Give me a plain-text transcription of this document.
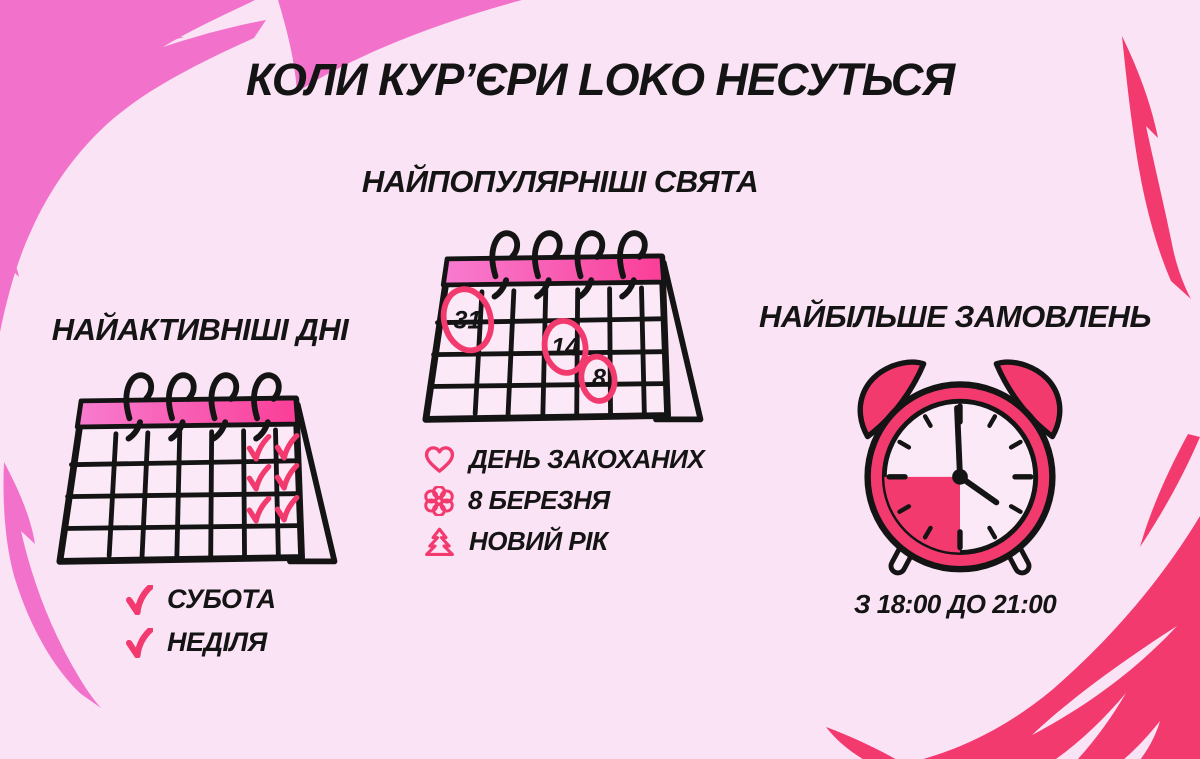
КОЛИ КУР’ЄРИ LOKO НЕСУТЬСЯ
НАЙАКТИВНІШІ ДНІ
НАЙПОПУЛЯРНІШІ СВЯТА
НАЙБІЛЬШЕ ЗАМОВЛЕНЬ
31
14
8
СУБОТА
НЕДІЛЯ
ДЕНЬ ЗАКОХАНИХ
8 БЕРЕЗНЯ
НОВИЙ РІК
З 18:00 ДО 21:00
